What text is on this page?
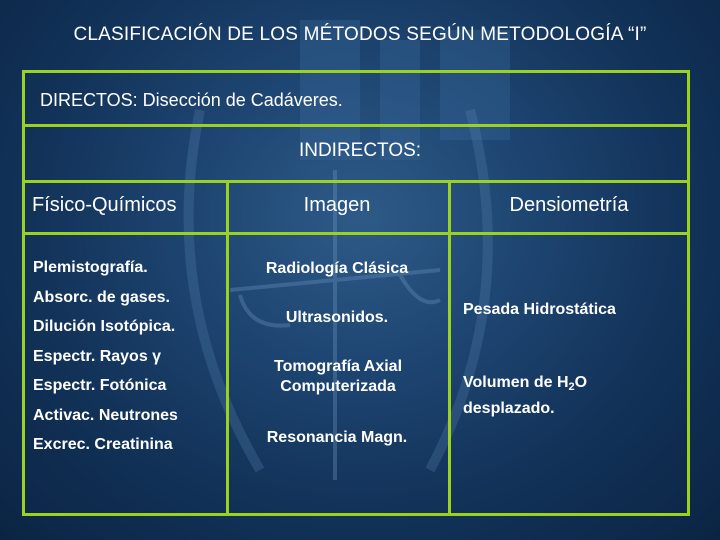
CLASIFICACIÓN DE LOS MÉTODOS SEGÚN METODOLOGÍA “I”
DIRECTOS: Disección de Cadáveres.
INDIRECTOS:
Físico-Químicos	Imagen	Densiometría
Plemistografía.
Absorc. de gases.
Dilución Isotópica.
Espectr. Rayos γ
Espectr. Fotónica
Activac. Neutrones
Excrec. Creatinina
Radiología Clásica
Ultrasonidos.
Tomografía Axial Computerizada
Resonancia Magn.
Pesada Hidrostática
Volumen de $H_2O$
desplazado.
